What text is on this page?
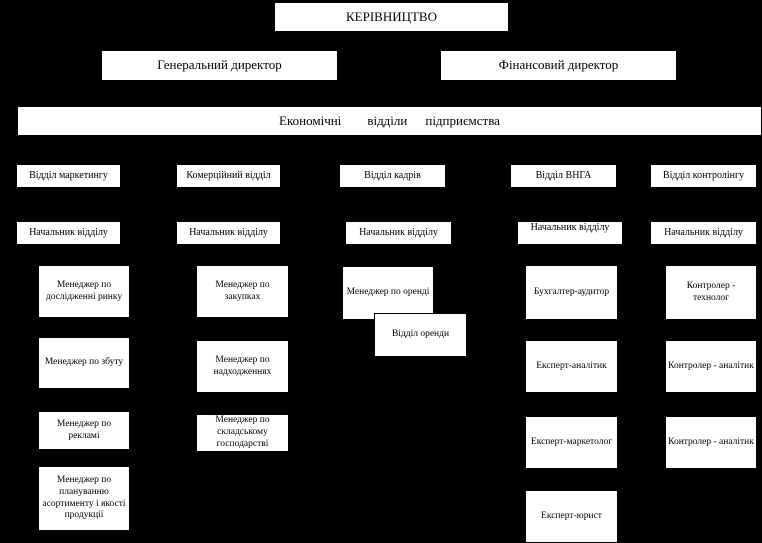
КЕРІВНИЦТВО
Генеральний директор	Фінансовий директор
Економічні відділи підприємства
Відділ маркетингу	Комерційний відділ	Відділ кадрів	Відділ ВНГА	Відділ контролінгу
Начальник відділу	Начальник відділу	Начальник відділу	Начальник відділу	Начальник відділу
Менеджер по дослідженні ринку
Менеджер по збуту
Менеджер по рекламі
Менеджер по плануванню асортименту і якості продукції
Менеджер по закупках
Менеджер по надходженнях
Менеджер по складському господарстві
Менеджер по оренді
Відділ оренди
Бухгалтер-аудитор
Експерт-аналітик
Експерт-маркетолог
Експерт-юрист
Контролер - технолог
Контролер - аналітик
Контролер - аналітик
